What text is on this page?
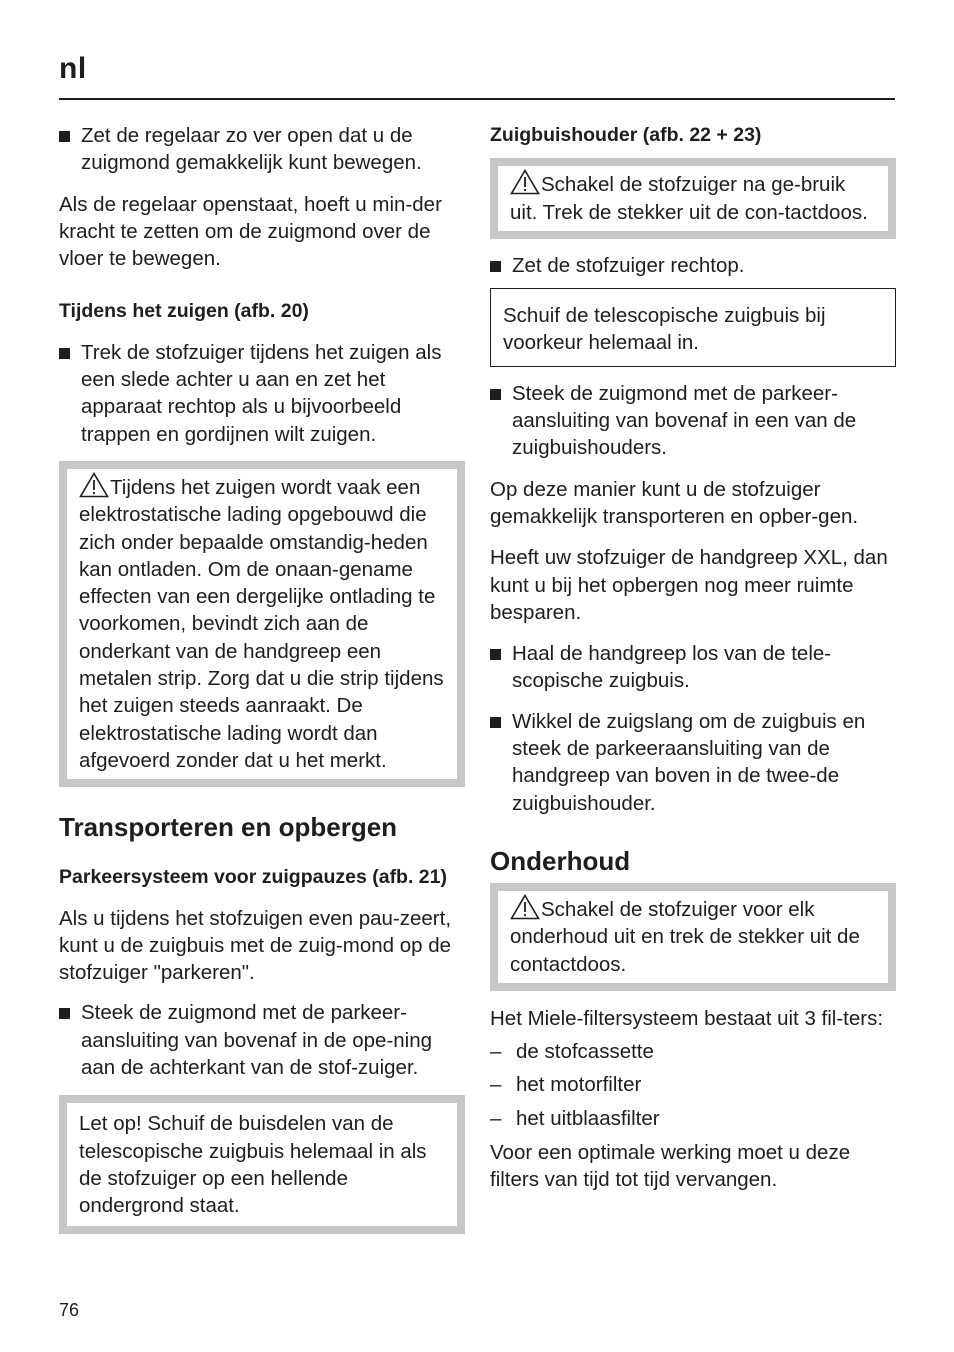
nl
Zet de regelaar zo ver open dat u de zuigmond gemakkelijk kunt bewegen.

Als de regelaar openstaat, hoeft u min-der kracht te zetten om de zuigmond over de vloer te bewegen.

Tijdens het zuigen (afb. 20)
Trek de stofzuiger tijdens het zuigen als een slede achter u aan en zet het apparaat rechtop als u bijvoorbeeld trappen en gordijnen wilt zuigen.
Tijdens het zuigen wordt vaak een elektrostatische lading opgebouwd die zich onder bepaalde omstandig-heden kan ontladen. Om de onaan-gename effecten van een dergelijke ontlading te voorkomen, bevindt zich aan de onderkant van de handgreep een metalen strip. Zorg dat u die strip tijdens het zuigen steeds aanraakt. De elektrostatische lading wordt dan afgevoerd zonder dat u het merkt.
Transporteren en opbergen
Parkeersysteem voor zuigpauzes (afb. 21)

Als u tijdens het stofzuigen even pau-zeert, kunt u de zuigbuis met de zuig-mond op de stofzuiger "parkeren".

Steek de zuigmond met de parkeer-aansluiting van bovenaf in de ope-ning aan de achterkant van de stof-zuiger.
Let op! Schuif de buisdelen van de telescopische zuigbuis helemaal in als de stofzuiger op een hellende ondergrond staat.
Zuigbuishouder (afb. 22 + 23)
Schakel de stofzuiger na ge-bruik uit. Trek de stekker uit de con-tactdoos.
Zet de stofzuiger rechtop.
Schuif de telescopische zuigbuis bij voorkeur helemaal in.
Steek de zuigmond met de parkeer-aansluiting van bovenaf in een van de zuigbuishouders.

Op deze manier kunt u de stofzuiger gemakkelijk transporteren en opber-gen.

Heeft uw stofzuiger de handgreep XXL, dan kunt u bij het opbergen nog meer ruimte besparen.

Haal de handgreep los van de tele-scopische zuigbuis.
Wikkel de zuigslang om de zuigbuis en steek de parkeeraansluiting van de handgreep van boven in de twee-de zuigbuishouder.
Onderhoud
Schakel de stofzuiger voor elk onderhoud uit en trek de stekker uit de contactdoos.

Het Miele-filtersysteem bestaat uit 3 fil-ters:

– de stofcassette
– het motorfilter
– het uitblaasfilter

Voor een optimale werking moet u deze filters van tijd tot tijd vervangen.

76
